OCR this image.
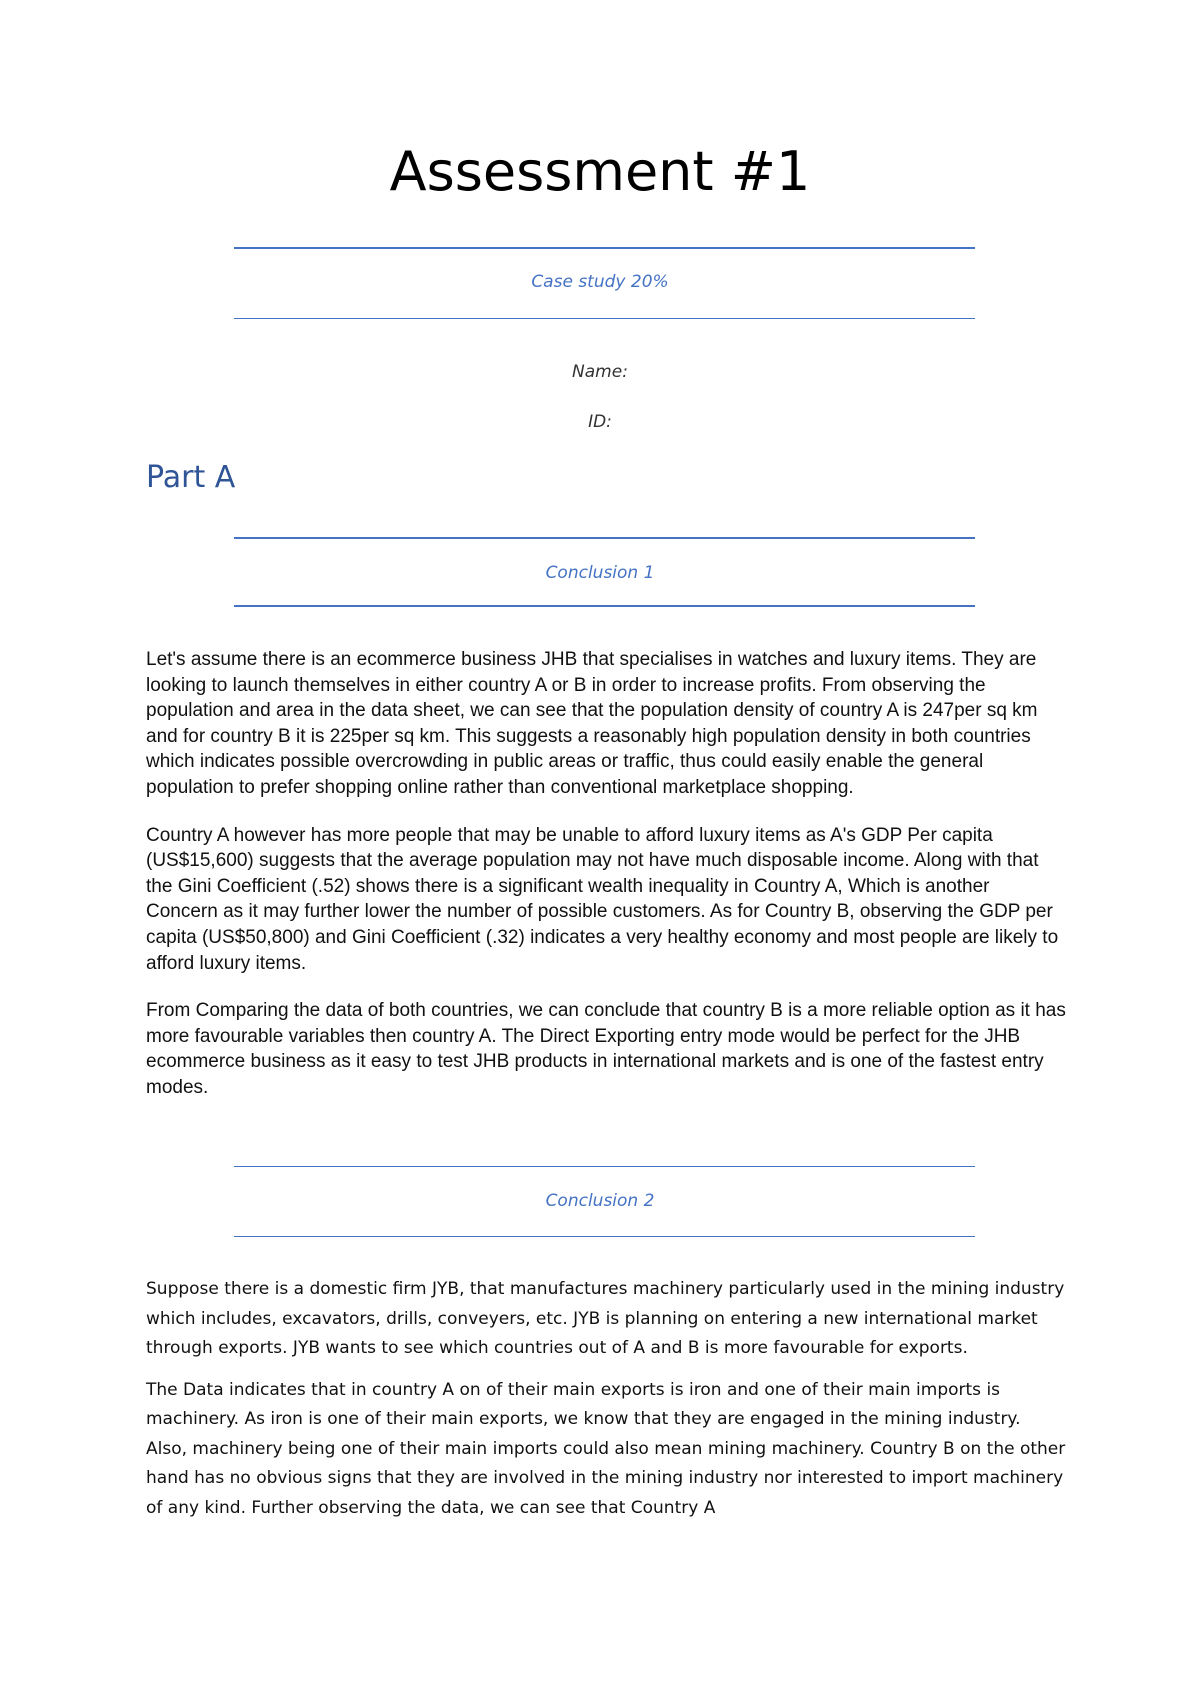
Assessment #1
Case study 20%
Name:
ID:
Part A
Conclusion 1

Let's assume there is an ecommerce business JHB that specialises in watches and luxury items. They are looking to launch themselves in either country A or B in order to increase profits. From observing the population and area in the data sheet, we can see that the population density of country A is 247per sq km and for country B it is 225per sq km. This suggests a reasonably high population density in both countries which indicates possible overcrowding in public areas or traffic, thus could easily enable the general population to prefer shopping online rather than conventional marketplace shopping.

Country A however has more people that may be unable to afford luxury items as A's GDP Per capita (US$15,600) suggests that the average population may not have much disposable income. Along with that the Gini Coefficient (.52) shows there is a significant wealth inequality in Country A, Which is another Concern as it may further lower the number of possible customers. As for Country B, observing the GDP per capita (US$50,800) and Gini Coefficient (.32) indicates a very healthy economy and most people are likely to afford luxury items.

From Comparing the data of both countries, we can conclude that country B is a more reliable option as it has more favourable variables then country A. The Direct Exporting entry mode would be perfect for the JHB ecommerce business as it easy to test JHB products in international markets and is one of the fastest entry modes.

Conclusion 2

Suppose there is a domestic firm JYB, that manufactures machinery particularly used in the mining industry which includes, excavators, drills, conveyers, etc. JYB is planning on entering a new international market through exports. JYB wants to see which countries out of A and B is more favourable for exports.

The Data indicates that in country A on of their main exports is iron and one of their main imports is machinery. As iron is one of their main exports, we know that they are engaged in the mining industry. Also, machinery being one of their main imports could also mean mining machinery. Country B on the other hand has no obvious signs that they are involved in the mining industry nor interested to import machinery of any kind. Further observing the data, we can see that Country A
